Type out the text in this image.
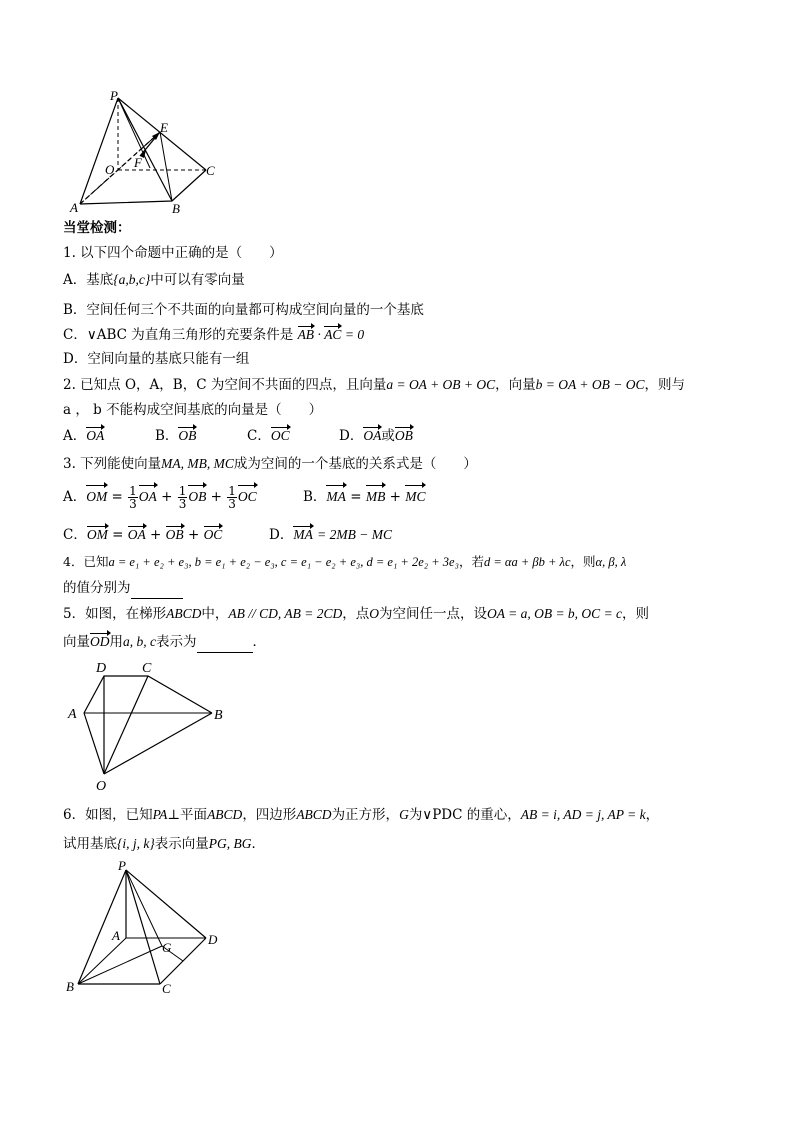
P
E
O F
C
A	B
当堂检测：
1. 以下四个命题中正确的是（　　）
A．基底{a,b,c}中可以有零向量
B．空间任何三个不共面的向量都可构成空间向量的一个基底
C．∨ABC 为直角三角形的充要条件是 AB · AC = 0
D．空间向量的基底只能有一组
2. 已知点 O，A，B，C 为空间不共面的四点，且向量a = OA + OB + OC，向量b = OA + OB − OC，则与
a ， b 不能构成空间基底的向量是（　　）
A．OA	B．OB	C．OC	D．OA或OB
3. 下列能使向量MA, MB, MC成为空间的一个基底的关系式是（　　）
A．OM = $\frac{1}{3}$ OA + $\frac{1}{3}$ OB + $\frac{1}{3}$ OC	B．MA = MB + MC
C．OM = OA + OB + OC	D．MA = 2MB − MC
4．已知a = e₁ + e₂ + e₃, b = e₁ + e₂ − e₃, c = e₁ − e₂ + e₃, d = e₁ + 2e₂ + 3e₃，若d = αa + βb + λc，则α, β, λ
的值分别为
5．如图，在梯形ABCD中，AB // CD, AB = 2CD，点O为空间任一点，设OA = a, OB = b, OC = c，则
向量OD用a, b, c表示为	．
D	C
A	B
O
6．如图，已知PA⊥平面ABCD，四边形ABCD为正方形，G为∨PDC 的重心，AB = i, AD = j, AP = k，
试用基底{i, j, k}表示向量PG, BG．
P
A
G
D
B	C
